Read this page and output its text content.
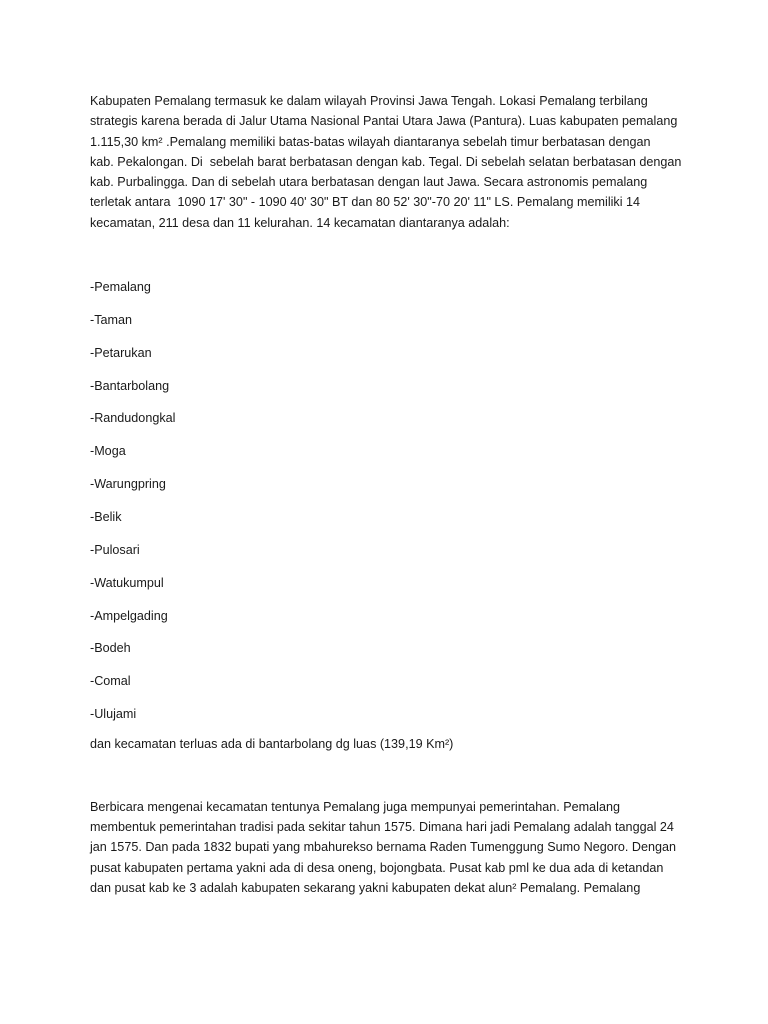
Kabupaten Pemalang termasuk ke dalam wilayah Provinsi Jawa Tengah. Lokasi Pemalang terbilang
strategis karena berada di Jalur Utama Nasional Pantai Utara Jawa (Pantura). Luas kabupaten pemalang
1.115,30 km² .Pemalang memiliki batas-batas wilayah diantaranya sebelah timur berbatasan dengan
kab. Pekalongan. Di  sebelah barat berbatasan dengan kab. Tegal. Di sebelah selatan berbatasan dengan
kab. Purbalingga. Dan di sebelah utara berbatasan dengan laut Jawa. Secara astronomis pemalang
terletak antara  1090 17' 30" - 1090 40' 30" BT dan 80 52' 30"-70 20' 11" LS. Pemalang memiliki 14
kecamatan, 211 desa dan 11 kelurahan. 14 kecamatan diantaranya adalah:

-Pemalang
-Taman
-Petarukan
-Bantarbolang
-Randudongkal
-Moga
-Warungpring
-Belik
-Pulosari
-Watukumpul
-Ampelgading
-Bodeh
-Comal
-Ulujami

dan kecamatan terluas ada di bantarbolang dg luas (139,19 Km²)

Berbicara mengenai kecamatan tentunya Pemalang juga mempunyai pemerintahan. Pemalang
membentuk pemerintahan tradisi pada sekitar tahun 1575. Dimana hari jadi Pemalang adalah tanggal 24
jan 1575. Dan pada 1832 bupati yang mbahurekso bernama Raden Tumenggung Sumo Negoro. Dengan
pusat kabupaten pertama yakni ada di desa oneng, bojongbata. Pusat kab pml ke dua ada di ketandan
dan pusat kab ke 3 adalah kabupaten sekarang yakni kabupaten dekat alun² Pemalang. Pemalang
